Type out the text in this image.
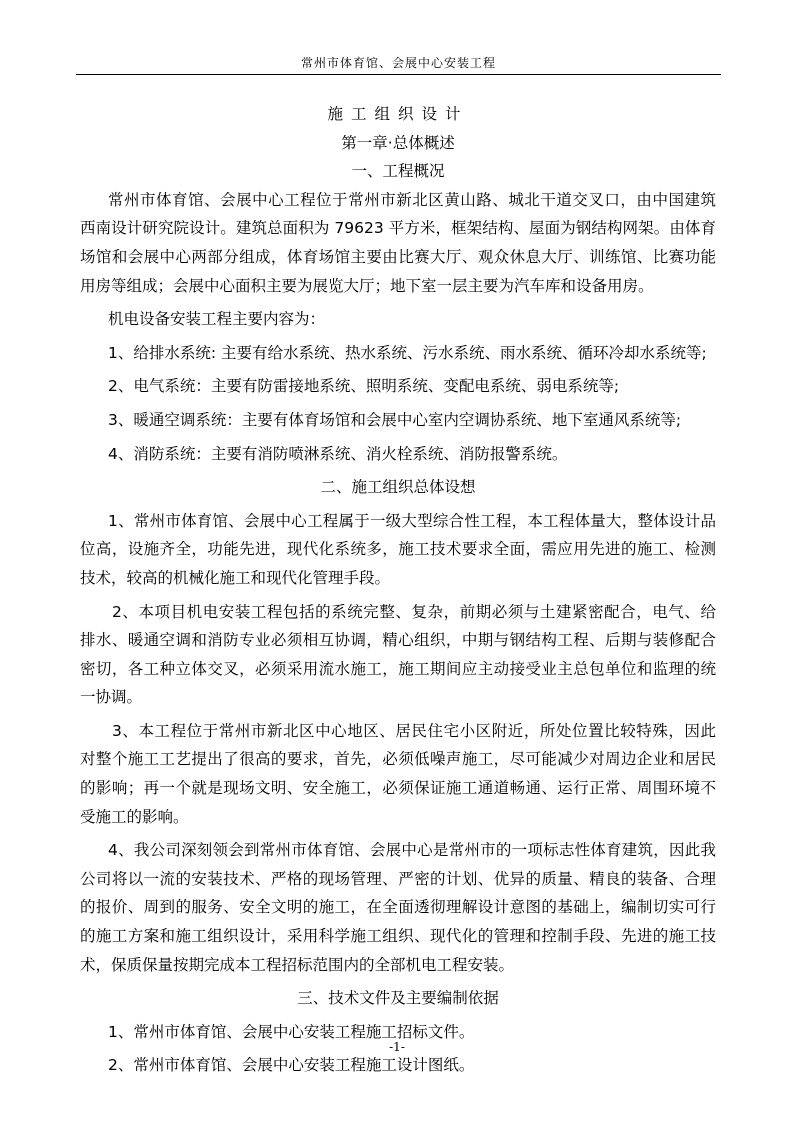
常州市体育馆、会展中心安装工程
施工组织设计
第一章·总体概述
一、工程概况
常州市体育馆、会展中心工程位于常州市新北区黄山路、城北干道交叉口，由中国建筑
西南设计研究院设计。建筑总面积为 79623 平方米，框架结构、屋面为钢结构网架。由体育
场馆和会展中心两部分组成，体育场馆主要由比赛大厅、观众休息大厅、训练馆、比赛功能
用房等组成；会展中心面积主要为展览大厅；地下室一层主要为汽车库和设备用房。
机电设备安装工程主要内容为：
1、给排水系统: 主要有给水系统、热水系统、污水系统、雨水系统、循环冷却水系统等;
2、电气系统：主要有防雷接地系统、照明系统、变配电系统、弱电系统等;
3、暖通空调系统：主要有体育场馆和会展中心室内空调协系统、地下室通风系统等;
4、消防系统：主要有消防喷淋系统、消火栓系统、消防报警系统。
二、施工组织总体设想
1、常州市体育馆、会展中心工程属于一级大型综合性工程，本工程体量大，整体设计品
位高，设施齐全，功能先进，现代化系统多，施工技术要求全面，需应用先进的施工、检测
技术，较高的机械化施工和现代化管理手段。
2、本项目机电安装工程包括的系统完整、复杂，前期必须与土建紧密配合，电气、给
排水、暖通空调和消防专业必须相互协调，精心组织，中期与钢结构工程、后期与装修配合
密切，各工种立体交叉，必须采用流水施工，施工期间应主动接受业主总包单位和监理的统
一协调。
3、本工程位于常州市新北区中心地区、居民住宅小区附近，所处位置比较特殊，因此
对整个施工工艺提出了很高的要求，首先，必须低噪声施工，尽可能减少对周边企业和居民
的影响；再一个就是现场文明、安全施工，必须保证施工通道畅通、运行正常、周围环境不
受施工的影响。
4、我公司深刻领会到常州市体育馆、会展中心是常州市的一项标志性体育建筑，因此我
公司将以一流的安装技术、严格的现场管理、严密的计划、优异的质量、精良的装备、合理
的报价、周到的服务、安全文明的施工，在全面透彻理解设计意图的基础上，编制切实可行
的施工方案和施工组织设计，采用科学施工组织、现代化的管理和控制手段、先进的施工技
术，保质保量按期完成本工程招标范围内的全部机电工程安装。
三、技术文件及主要编制依据
1、常州市体育馆、会展中心安装工程施工招标文件。
2、常州市体育馆、会展中心安装工程施工设计图纸。
-1-
